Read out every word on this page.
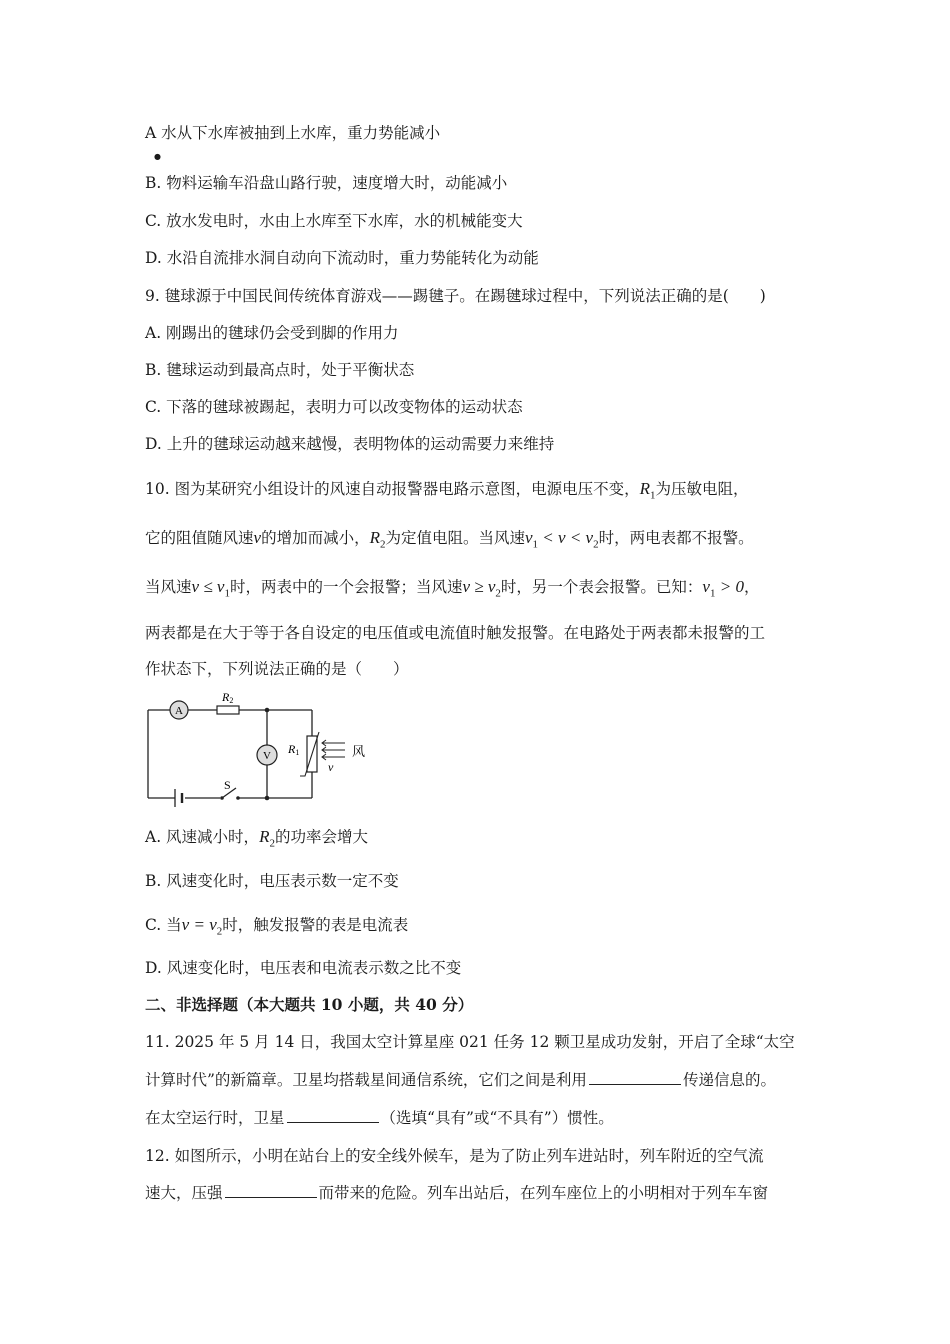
A 水从下水库被抽到上水库，重力势能减小
●
B. 物料运输车沿盘山路行驶，速度增大时，动能减小
C. 放水发电时，水由上水库至下水库，水的机械能变大
D. 水沿自流排水洞自动向下流动时，重力势能转化为动能
9. 毽球源于中国民间传统体育游戏——踢毽子。在踢毽球过程中，下列说法正确的是(　　)
A. 刚踢出的毽球仍会受到脚的作用力
B. 毽球运动到最高点时，处于平衡状态
C. 下落的毽球被踢起，表明力可以改变物体的运动状态
D. 上升的毽球运动越来越慢，表明物体的运动需要力来维持
10. 图为某研究小组设计的风速自动报警器电路示意图，电源电压不变，$R_1$为压敏电阻，
它的阻值随风速v的增加而减小，$R_2$为定值电阻。当风速$v_1 < v < v_2$时，两电表都不报警。
当风速$v \le v_1$时，两表中的一个会报警；当风速$v \ge v_2$时，另一个表会报警。已知：$v_1 > 0$，
两表都是在大于等于各自设定的电压值或电流值时触发报警。在电路处于两表都未报警的工
作状态下，下列说法正确的是（　　）
A
R2
V R1	风
v
S
A. 风速减小时，$R_2$的功率会增大
B. 风速变化时，电压表示数一定不变
C. 当$v = v_2$时，触发报警的表是电流表
D. 风速变化时，电压表和电流表示数之比不变
二、非选择题（本大题共 10 小题，共 40 分）
11. 2025 年 5 月 14 日，我国太空计算星座 021 任务 12 颗卫星成功发射，开启了全球“太空
计算时代”的新篇章。卫星均搭载星间通信系统，它们之间是利用	传递信息的。
在太空运行时，卫星	（选填“具有”或“不具有”）惯性。
12. 如图所示，小明在站台上的安全线外候车，是为了防止列车进站时，列车附近的空气流
速大，压强	而带来的危险。列车出站后，在列车座位上的小明相对于列车车窗
